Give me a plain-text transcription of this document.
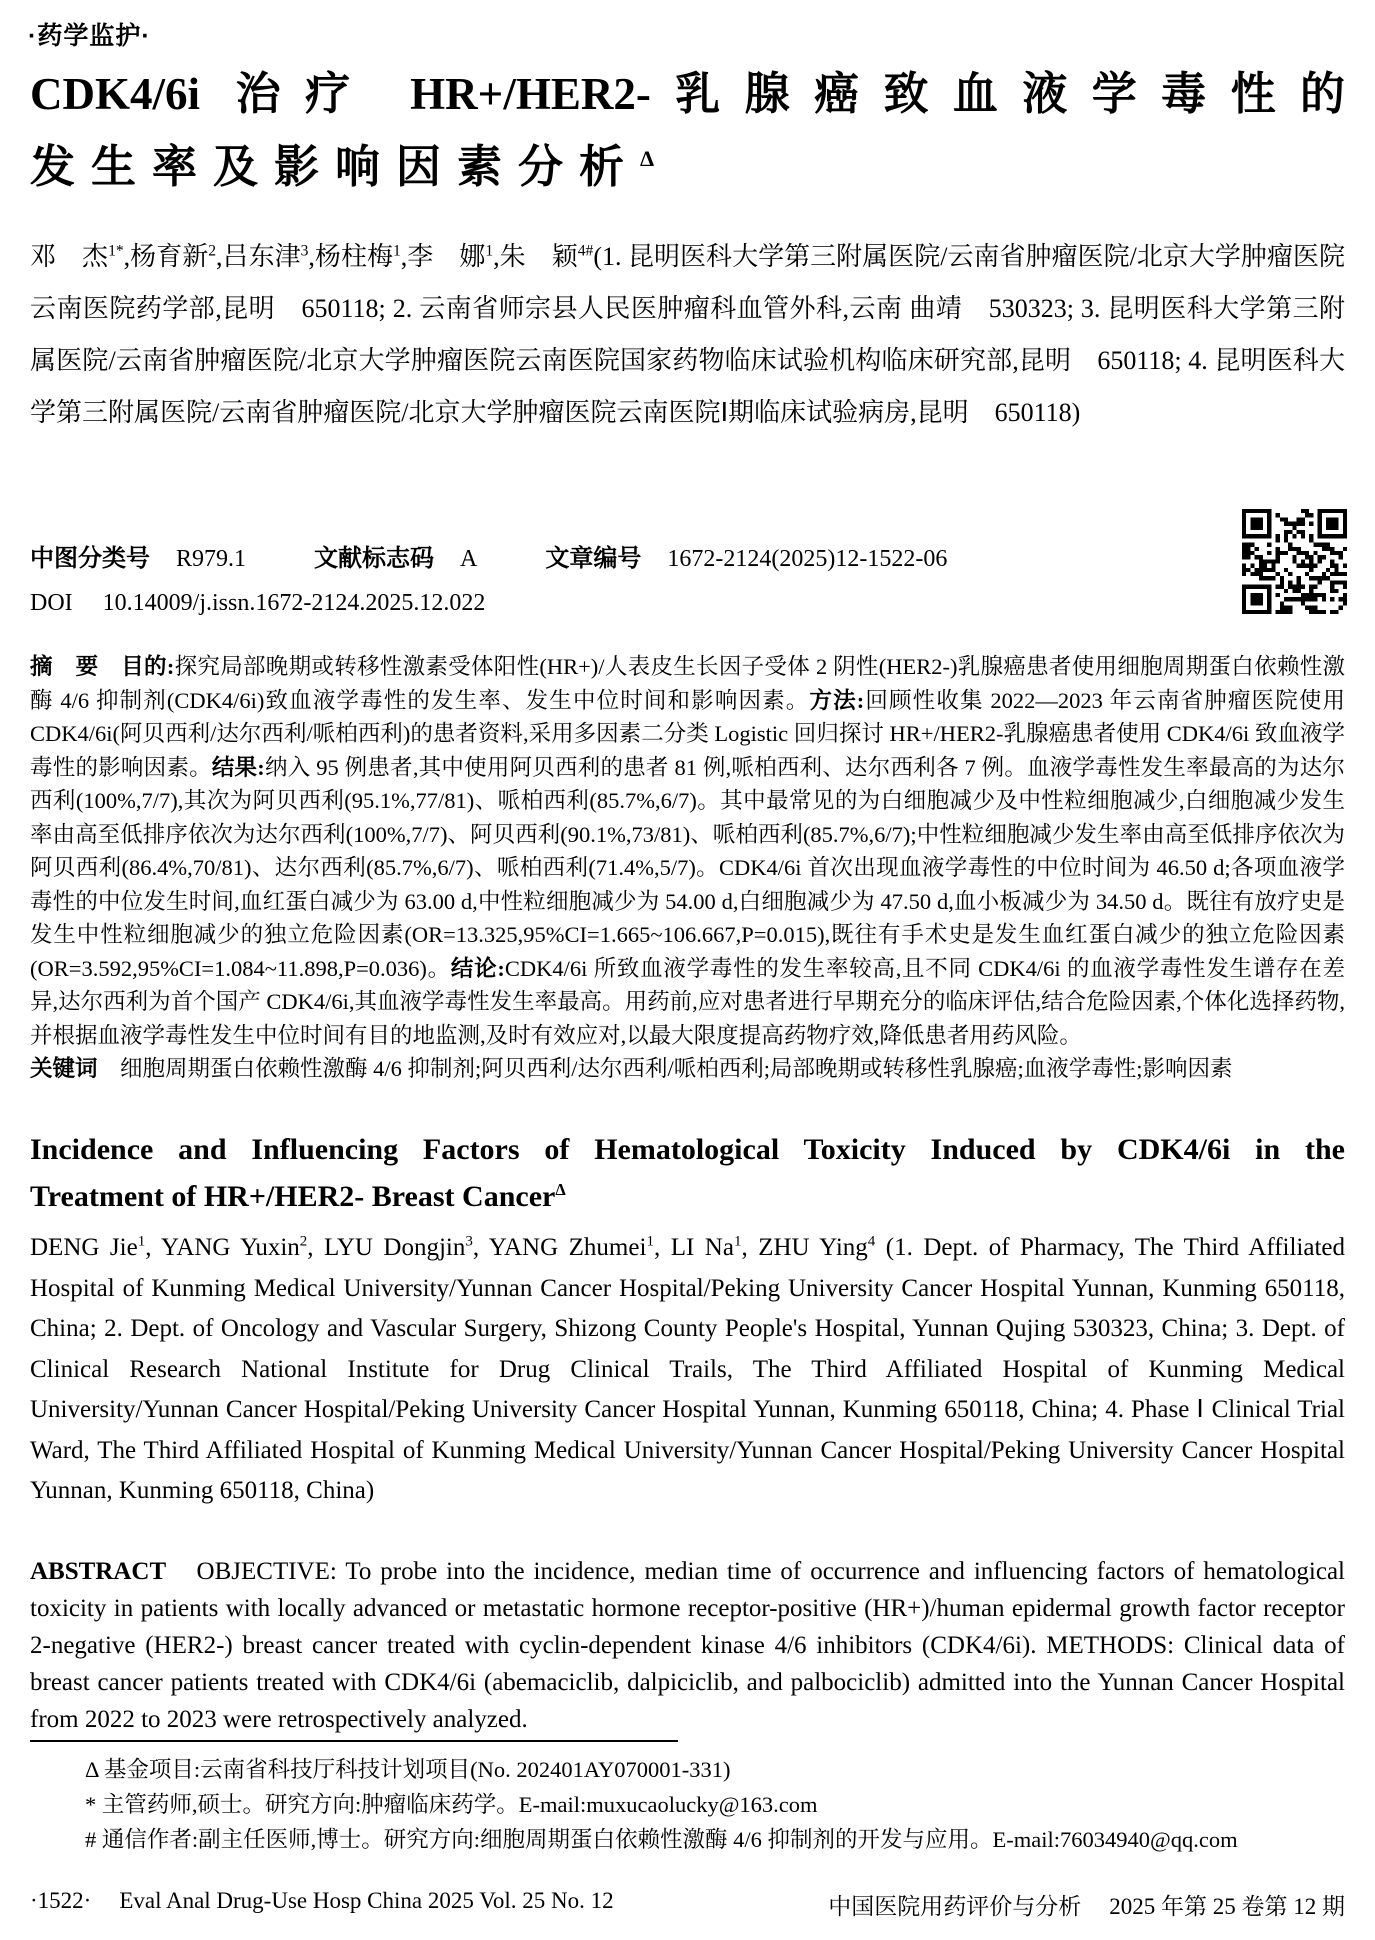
·药学监护·
CDK4/6i 治疗 HR+/HER2-乳腺癌致血液学毒性的
发生率及影响因素分析$^\Delta$

邓　杰$^{1*}$,杨育新$^2$,吕东津$^3$,杨柱梅$^1$,李　娜$^1$,朱　颖$^{4\#}$(1. 昆明医科大学第三附属医院/云南省肿瘤医院/北京大学肿瘤医院云南医院药学部,昆明　650118; 2. 云南省师宗县人民医肿瘤科血管外科,云南 曲靖　530323; 3. 昆明医科大学第三附属医院/云南省肿瘤医院/北京大学肿瘤医院云南医院国家药物临床试验机构临床研究部,昆明　650118; 4. 昆明医科大学第三附属医院/云南省肿瘤医院/北京大学肿瘤医院云南医院Ⅰ期临床试验病房,昆明　650118)

中图分类号 R979.1	文献标志码 A	文章编号 1672-2124(2025)12-1522-06
DOI 10.14009/j.issn.1672-2124.2025.12.022

摘　要　 目的:探究局部晚期或转移性激素受体阳性(HR+)/人表皮生长因子受体 2 阴性(HER2-)乳腺癌患者使用细胞周期蛋白依赖性激酶 4/6 抑制剂(CDK4/6i)致血液学毒性的发生率、发生中位时间和影响因素。方法:回顾性收集 2022—2023 年云南省肿瘤医院使用 CDK4/6i(阿贝西利/达尔西利/哌柏西利)的患者资料,采用多因素二分类 Logistic 回归探讨 HR+/HER2-乳腺癌患者使用 CDK4/6i 致血液学毒性的影响因素。结果:纳入 95 例患者,其中使用阿贝西利的患者 81 例,哌柏西利、达尔西利各 7 例。血液学毒性发生率最高的为达尔西利(100%,7/7),其次为阿贝西利(95.1%,77/81)、哌柏西利(85.7%,6/7)。其中最常见的为白细胞减少及中性粒细胞减少,白细胞减少发生率由高至低排序依次为达尔西利(100%,7/7)、阿贝西利(90.1%,73/81)、哌柏西利(85.7%,6/7);中性粒细胞减少发生率由高至低排序依次为阿贝西利(86.4%,70/81)、达尔西利(85.7%,6/7)、哌柏西利(71.4%,5/7)。CDK4/6i 首次出现血液学毒性的中位时间为 46.50 d;各项血液学毒性的中位发生时间,血红蛋白减少为 63.00 d,中性粒细胞减少为 54.00 d,白细胞减少为 47.50 d,血小板减少为 34.50 d。既往有放疗史是发生中性粒细胞减少的独立危险因素(OR=13.325,95%CI=1.665~106.667,P=0.015),既往有手术史是发生血红蛋白减少的独立危险因素(OR=3.592,95%CI=1.084~11.898,P=0.036)。结论:CDK4/6i 所致血液学毒性的发生率较高,且不同 CDK4/6i 的血液学毒性发生谱存在差异,达尔西利为首个国产 CDK4/6i,其血液学毒性发生率最高。用药前,应对患者进行早期充分的临床评估,结合危险因素,个体化选择药物,并根据血液学毒性发生中位时间有目的地监测,及时有效应对,以最大限度提高药物疗效,降低患者用药风险。

关键词　细胞周期蛋白依赖性激酶 4/6 抑制剂;阿贝西利/达尔西利/哌柏西利;局部晚期或转移性乳腺癌;血液学毒性;影响因素

Incidence and Influencing Factors of Hematological Toxicity Induced by CDK4/6i in the
Treatment of HR+/HER2- Breast Cancer$^\Delta$

DENG Jie$^1$, YANG Yuxin$^2$, LYU Dongjin$^3$, YANG Zhumei$^1$, LI Na$^1$, ZHU Ying$^4$ (1. Dept. of Pharmacy, The Third Affiliated Hospital of Kunming Medical University/Yunnan Cancer Hospital/Peking University Cancer Hospital Yunnan, Kunming 650118, China; 2. Dept. of Oncology and Vascular Surgery, Shizong County People's Hospital, Yunnan Qujing 530323, China; 3. Dept. of Clinical Research National Institute for Drug Clinical Trails, The Third Affiliated Hospital of Kunming Medical University/Yunnan Cancer Hospital/Peking University Cancer Hospital Yunnan, Kunming 650118, China; 4. Phase Ⅰ Clinical Trial Ward, The Third Affiliated Hospital of Kunming Medical University/Yunnan Cancer Hospital/Peking University Cancer Hospital Yunnan, Kunming 650118, China)

ABSTRACT　OBJECTIVE: To probe into the incidence, median time of occurrence and influencing factors of hematological toxicity in patients with locally advanced or metastatic hormone receptor-positive (HR+)/human epidermal growth factor receptor 2-negative (HER2-) breast cancer treated with cyclin-dependent kinase 4/6 inhibitors (CDK4/6i). METHODS: Clinical data of breast cancer patients treated with CDK4/6i (abemaciclib, dalpiciclib, and palbociclib) admitted into the Yunnan Cancer Hospital from 2022 to 2023 were retrospectively analyzed.

Δ 基金项目:云南省科技厅科技计划项目(No. 202401AY070001-331)

* 主管药师,硕士。研究方向:肿瘤临床药学。E-mail:muxucaolucky@163.com

# 通信作者:副主任医师,博士。研究方向:细胞周期蛋白依赖性激酶 4/6 抑制剂的开发与应用。E-mail:76034940@qq.com

·1522· Eval Anal Drug-Use Hosp China 2025 Vol. 25 No. 12	中国医院用药评价与分析 2025 年第 25 卷第 12 期
